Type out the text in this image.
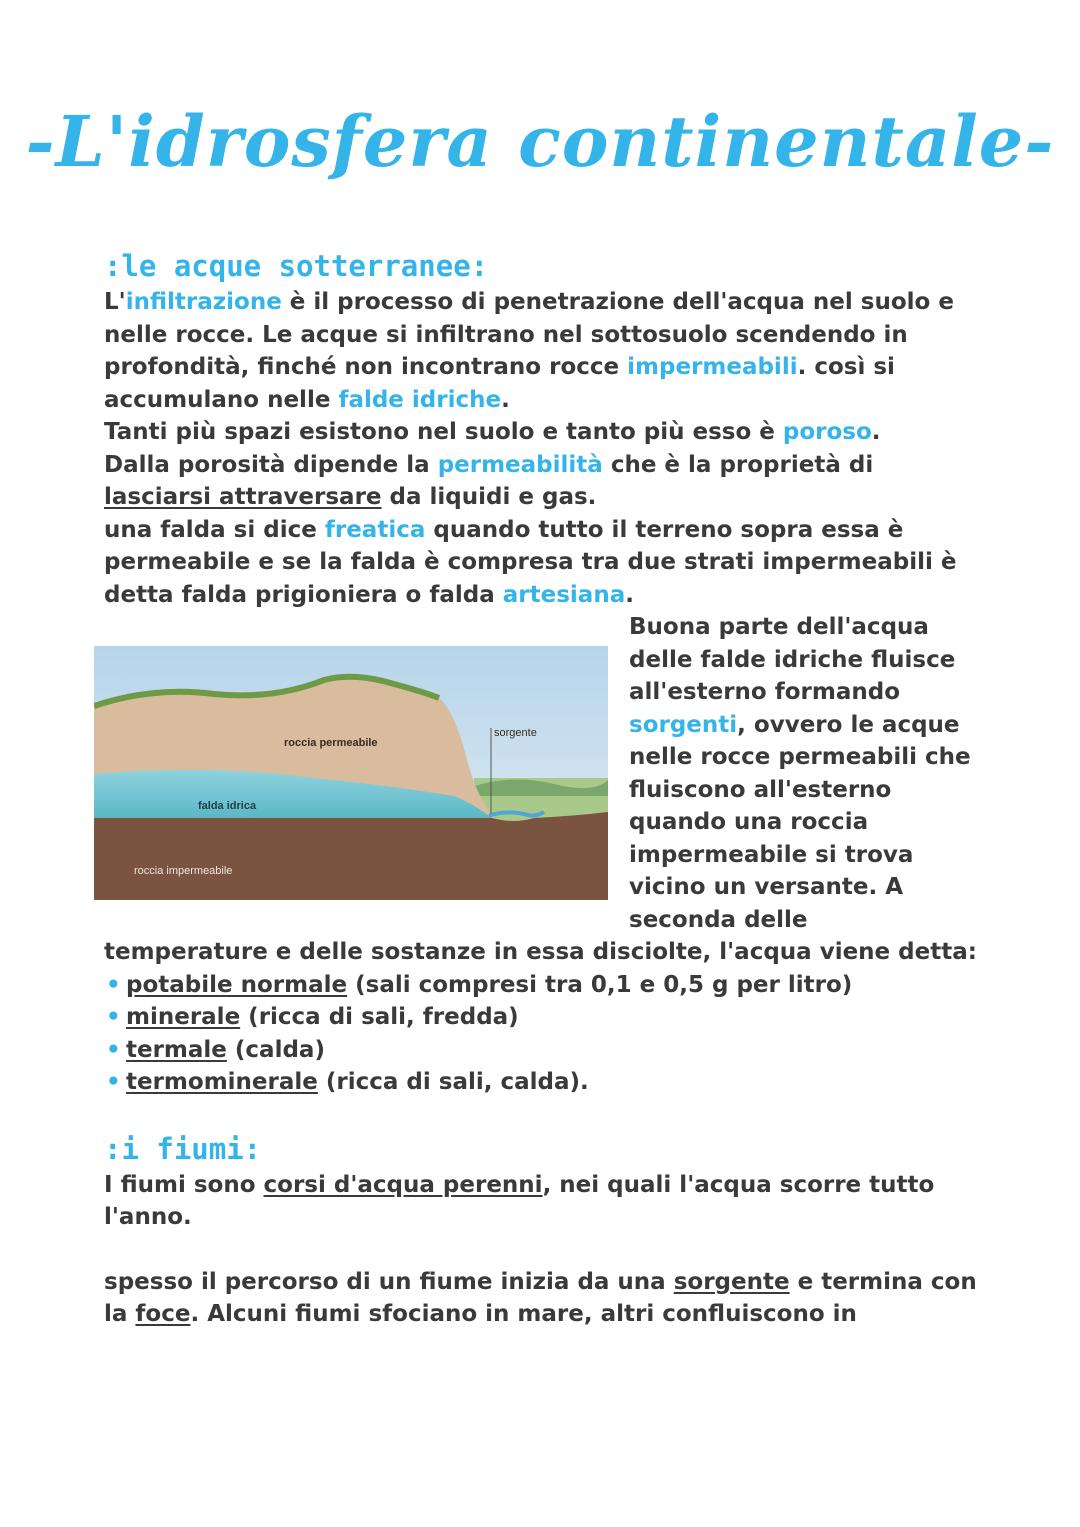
-L'idrosfera continentale-
:le acque sotterranee:

L'infiltrazione è il processo di penetrazione dell'acqua nel suolo e nelle rocce. Le acque si infiltrano nel sottosuolo scendendo in profondità, finché non incontrano rocce impermeabili. così si accumulano nelle falde idriche.

Tanti più spazi esistono nel suolo e tanto più esso è poroso.
Dalla porosità dipende la permeabilità che è la proprietà di lasciarsi attraversare da liquidi e gas.

una falda si dice freatica quando tutto il terreno sopra essa è permeabile e se la falda è compresa tra due strati impermeabili è detta falda prigioniera o falda artesiana.

roccia permeabile
sorgente
falda idrica
roccia impermeabile
Buona parte dell'acqua delle falde idriche fluisce all'esterno formando sorgenti, ovvero le acque nelle rocce permeabili che fluiscono all'esterno quando una roccia impermeabile si trova vicino un versante. A seconda delle

temperature e delle sostanze in essa disciolte, l'acqua viene detta:

• potabile normale (sali compresi tra 0,1 e 0,5 g per litro)
• minerale (ricca di sali, fredda)
• termale (calda)
• termominerale (ricca di sali, calda).
:i fiumi:

I fiumi sono corsi d'acqua perenni, nei quali l'acqua scorre tutto l'anno.

spesso il percorso di un fiume inizia da una sorgente e termina con la foce. Alcuni fiumi sfociano in mare, altri confluiscono in
